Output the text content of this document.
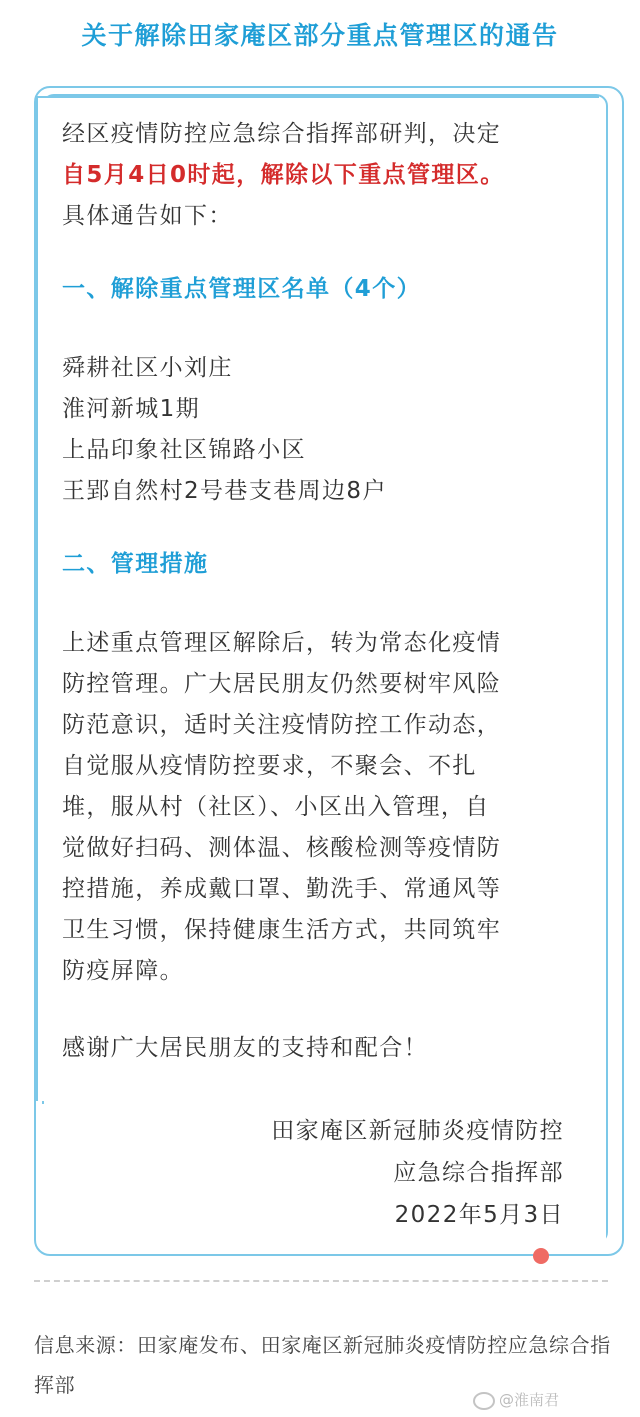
关于解除田家庵区部分重点管理区的通告

经区疫情防控应急综合指挥部研判，决定
自5月4日0时起，解除以下重点管理区。
具体通告如下：

一、解除重点管理区名单（4个）
舜耕社区小刘庄
淮河新城1期
上品印象社区锦路小区
王郢自然村2号巷支巷周边8户
二、管理措施
上述重点管理区解除后，转为常态化疫情
防控管理。广大居民朋友仍然要树牢风险
防范意识，适时关注疫情防控工作动态，
自觉服从疫情防控要求，不聚会、不扎
堆，服从村（社区）、小区出入管理，自
觉做好扫码、测体温、核酸检测等疫情防
控措施，养成戴口罩、勤洗手、常通风等
卫生习惯，保持健康生活方式，共同筑牢
防疫屏障。
感谢广大居民朋友的支持和配合！
田家庵区新冠肺炎疫情防控
应急综合指挥部
2022年5月3日
信息来源：田家庵发布、田家庵区新冠肺炎疫情防控应急综合指挥部
@淮南君
